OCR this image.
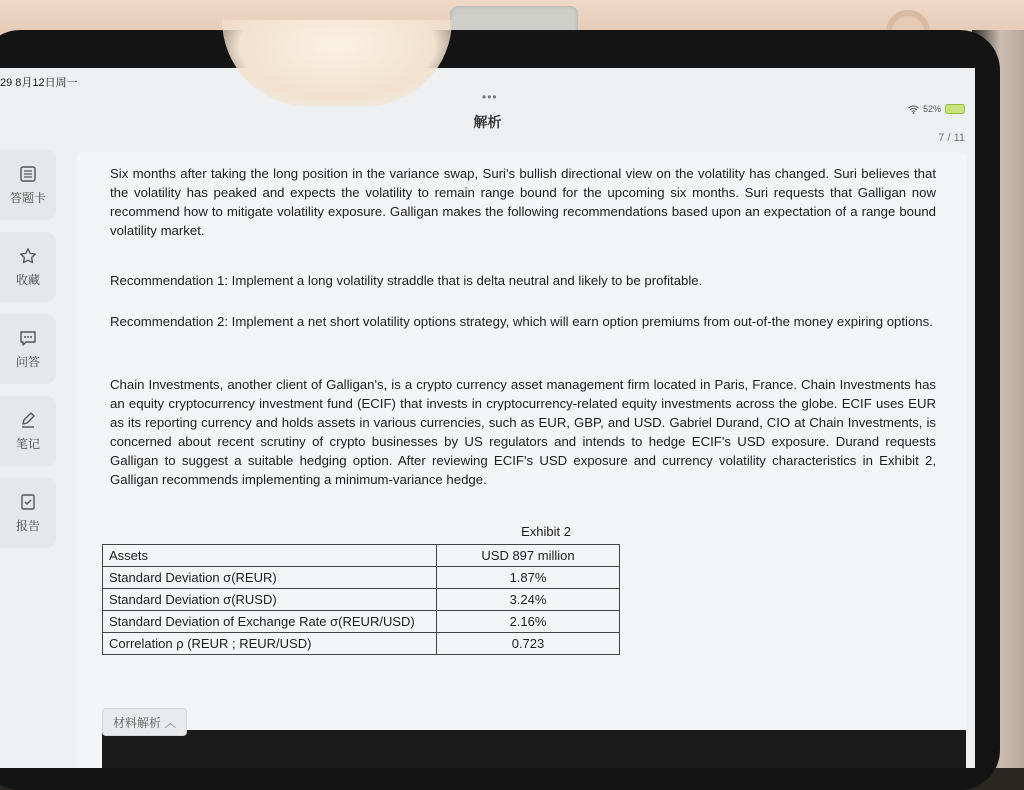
29 8月12日周一
•••
52%
解析
7 / 11
答题卡
收藏
问答
笔记
报告

Six months after taking the long position in the variance swap, Suri's bullish directional view on the volatility has changed. Suri believes that the volatility has peaked and expects the volatility to remain range bound for the upcoming six months. Suri requests that Galligan now recommend how to mitigate volatility exposure. Galligan makes the following recommendations based upon an expectation of a range bound volatility market.

Recommendation 1: Implement a long volatility straddle that is delta neutral and likely to be profitable.

Recommendation 2: Implement a net short volatility options strategy, which will earn option premiums from out-of-the money expiring options.

Chain Investments, another client of Galligan's, is a crypto currency asset management firm located in Paris, France. Chain Investments has an equity cryptocurrency investment fund (ECIF) that invests in cryptocurrency-related equity investments across the globe. ECIF uses EUR as its reporting currency and holds assets in various currencies, such as EUR, GBP, and USD. Gabriel Durand, CIO at Chain Investments, is concerned about recent scrutiny of crypto businesses by US regulators and intends to hedge ECIF's USD exposure. Durand requests Galligan to suggest a suitable hedging option. After reviewing ECIF's USD exposure and currency volatility characteristics in Exhibit 2, Galligan recommends implementing a minimum-variance hedge.

Exhibit 2
Assets	USD 897 million
Standard Deviation σ(REUR)	1.87%
Standard Deviation σ(RUSD)	3.24%
Standard Deviation of Exchange Rate σ(REUR/USD)	2.16%
Correlation ρ (REUR ; REUR/USD)	0.723
材料解析 ︿
